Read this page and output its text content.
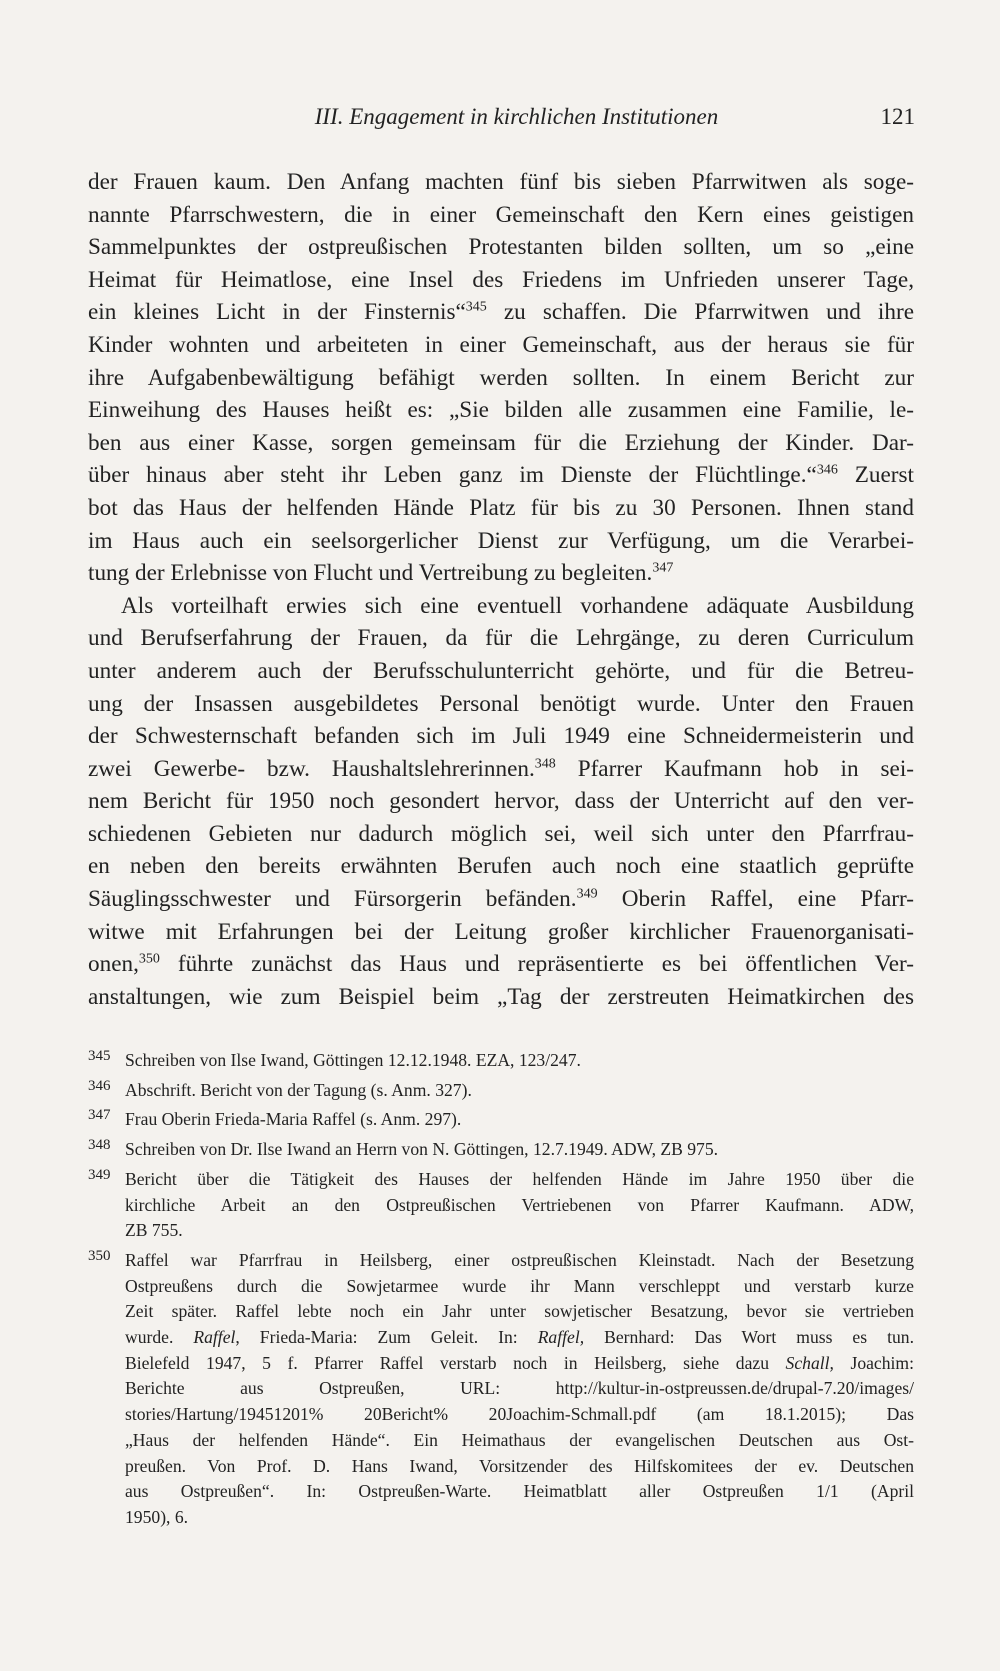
III. Engagement in kirchlichen Institutionen	121
der Frauen kaum. Den Anfang machten fünf bis sieben Pfarrwitwen als soge-
nannte Pfarrschwestern, die in einer Gemeinschaft den Kern eines geistigen
Sammelpunktes der ostpreußischen Protestanten bilden sollten, um so „eine
Heimat für Heimatlose, eine Insel des Friedens im Unfrieden unserer Tage,
ein kleines Licht in der Finsternis“$^{345}$ zu schaffen. Die Pfarrwitwen und ihre
Kinder wohnten und arbeiteten in einer Gemeinschaft, aus der heraus sie für
ihre Aufgabenbewältigung befähigt werden sollten. In einem Bericht zur
Einweihung des Hauses heißt es: „Sie bilden alle zusammen eine Familie, le-
ben aus einer Kasse, sorgen gemeinsam für die Erziehung der Kinder. Dar-
über hinaus aber steht ihr Leben ganz im Dienste der Flüchtlinge.“$^{346}$ Zuerst
bot das Haus der helfenden Hände Platz für bis zu 30 Personen. Ihnen stand
im Haus auch ein seelsorgerlicher Dienst zur Verfügung, um die Verarbei-
tung der Erlebnisse von Flucht und Vertreibung zu begleiten.$^{347}$
Als vorteilhaft erwies sich eine eventuell vorhandene adäquate Ausbildung
und Berufserfahrung der Frauen, da für die Lehrgänge, zu deren Curriculum
unter anderem auch der Berufsschulunterricht gehörte, und für die Betreu-
ung der Insassen ausgebildetes Personal benötigt wurde. Unter den Frauen
der Schwesternschaft befanden sich im Juli 1949 eine Schneidermeisterin und
zwei Gewerbe- bzw. Haushaltslehrerinnen.$^{348}$ Pfarrer Kaufmann hob in sei-
nem Bericht für 1950 noch gesondert hervor, dass der Unterricht auf den ver-
schiedenen Gebieten nur dadurch möglich sei, weil sich unter den Pfarrfrau-
en neben den bereits erwähnten Berufen auch noch eine staatlich geprüfte
Säuglingsschwester und Fürsorgerin befänden.$^{349}$ Oberin Raffel, eine Pfarr-
witwe mit Erfahrungen bei der Leitung großer kirchlicher Frauenorganisati-
onen,$^{350}$ führte zunächst das Haus und repräsentierte es bei öffentlichen Ver-
anstaltungen, wie zum Beispiel beim „Tag der zerstreuten Heimatkirchen des
345 Schreiben von Ilse Iwand, Göttingen 12.12.1948. EZA, 123/247.
346 Abschrift. Bericht von der Tagung (s. Anm. 327).
347 Frau Oberin Frieda-Maria Raffel (s. Anm. 297).
348 Schreiben von Dr. Ilse Iwand an Herrn von N. Göttingen, 12.7.1949. ADW, ZB 975.
349 Bericht über die Tätigkeit des Hauses der helfenden Hände im Jahre 1950 über die
kirchliche Arbeit an den Ostpreußischen Vertriebenen von Pfarrer Kaufmann. ADW,
ZB 755.
350 Raffel war Pfarrfrau in Heilsberg, einer ostpreußischen Kleinstadt. Nach der Besetzung
Ostpreußens durch die Sowjetarmee wurde ihr Mann verschleppt und verstarb kurze
Zeit später. Raffel lebte noch ein Jahr unter sowjetischer Besatzung, bevor sie vertrieben
wurde. Raffel, Frieda-Maria: Zum Geleit. In: Raffel, Bernhard: Das Wort muss es tun.
Bielefeld 1947, 5 f. Pfarrer Raffel verstarb noch in Heilsberg, siehe dazu Schall, Joachim:
Berichte aus Ostpreußen, URL: http://kultur-in-ostpreussen.de/drupal-7.20/images/
stories/Hartung/19451201% 20Bericht% 20Joachim-Schmall.pdf (am 18.1.2015); Das
„Haus der helfenden Hände“. Ein Heimathaus der evangelischen Deutschen aus Ost-
preußen. Von Prof. D. Hans Iwand, Vorsitzender des Hilfskomitees der ev. Deutschen
aus Ostpreußen“. In: Ostpreußen-Warte. Heimatblatt aller Ostpreußen 1/1 (April
1950), 6.
